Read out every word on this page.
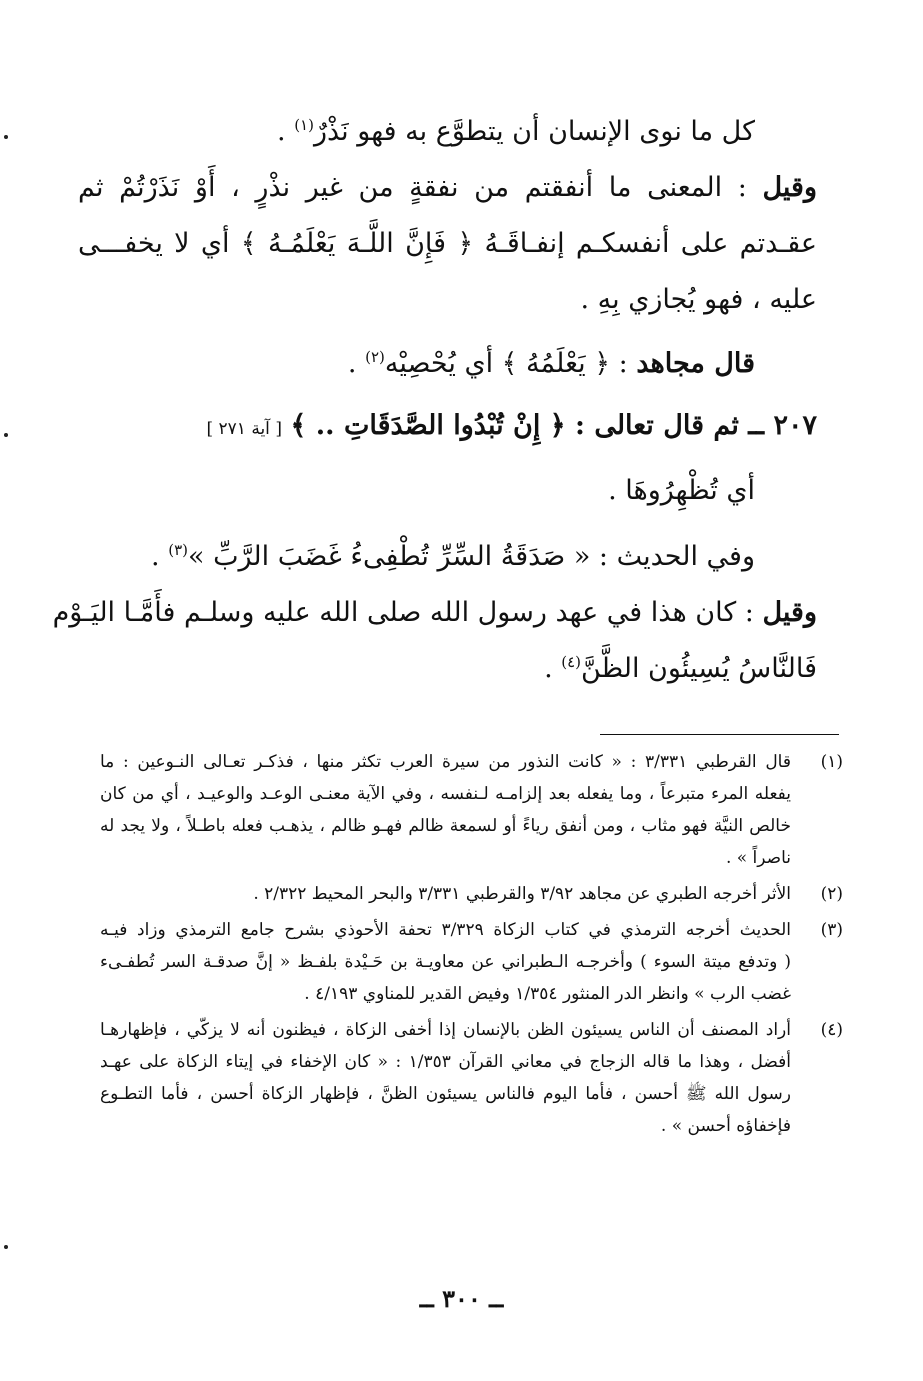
كل ما نوى الإنسان أن يتطوَّع به فهو نَذْرٌ$^{(١)}$ .

وقيل : المعنى ما أنفقتم من نفقةٍ من غير نذْرٍ ، أَوْ نَذَرْتُمْ ثم

عقـدتم على أنفسكـم إنفـاقَـهُ ﴿ فَإِنَّ اللَّـهَ يَعْلَمُـهُ ﴾ أي لا يخفـــى

عليه ، فهو يُجازي بِهِ .

قال مجاهد : ﴿ يَعْلَمُهُ ﴾ أي يُحْصِيْه$^{(٢)}$ .

٢٠٧ ــ ثم قال تعالى : ﴿ إِنْ تُبْدُوا الصَّدَقَاتِ .. ﴾ [ آية ٢٧١ ]

أي تُظْهِرُوهَا .

وفي الحديث : « صَدَقَةُ السِّرِّ تُطْفِىءُ غَضَبَ الرَّبِّ »$^{(٣)}$ .

وقيل : كان هذا في عهد رسول الله صلى الله عليه وسلـم فأَمَّـا اليَـوْم

فَالنَّاسُ يُسِيئُون الظَّنَّ$^{(٤)}$ .

(١)
قال القرطبي ٣/٣٣١ : « كانت النذور من سيرة العرب تكثر منها ، فذكـر تعـالى النـوعين : ما
يفعله المرء متبرعاً ، وما يفعله بعد إلزامـه لـنفسه ، وفي الآية معنـى الوعـد والوعيـد ، أي من كان
خالص النيَّة فهو مثاب ، ومن أنفق رياءً أو لسمعة ظالم فهـو ظالم ، يذهـب فعله باطـلاً ، ولا يجد له
ناصراً » .
(٢)
الأثر أخرجه الطبري عن مجاهد ٣/٩٢ والقرطبي ٣/٣٣١ والبحر المحيط ٢/٣٢٢ .
(٣)
الحديث أخرجه الترمذي في كتاب الزكاة ٣/٣٢٩ تحفة الأحوذي بشرح جامع الترمذي وزاد فيـه
( وتدفع ميتة السوء ) وأخرجـه الـطبراني عن معاويـة بن حَـيْدة بلفـظ « إنَّ صدقـة السر تُطفـىء
غضب الرب » وانظر الدر المنثور ١/٣٥٤ وفيض القدير للمناوي ٤/١٩٣ .
(٤)
أراد المصنف أن الناس يسيئون الظن بالإنسان إذا أخفى الزكاة ، فيظنون أنه لا يزكّي ، فإظهارهـا
أفضل ، وهذا ما قاله الزجاج في معاني القرآن ١/٣٥٣ : « كان الإخفاء في إيتاء الزكاة على عهـد
رسول الله ﷺ أحسن ، فأما اليوم فالناس يسيئون الظنَّ ، فإظهار الزكاة أحسن ، فأما التطـوع
فإخفاؤه أحسن » .
ــ ٣٠٠ ــ
